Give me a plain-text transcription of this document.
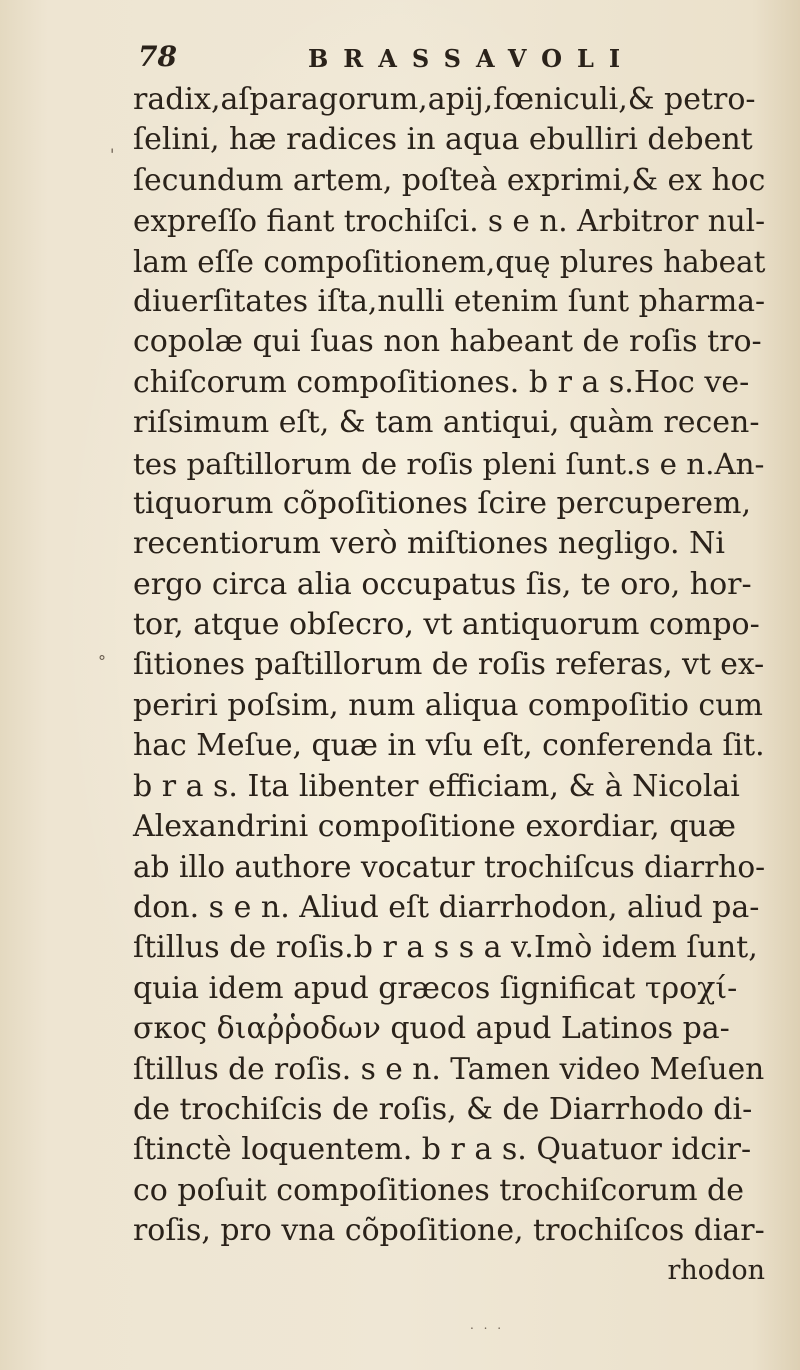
78	BRASSAVOLI
radix,aſparagorum,apij,fœniculi,& petro-
ſelini, hæ radices in aqua ebulliri debent
ſecundum artem, poſteà exprimi,& ex hoc
expreſſo fiant trochiſci. s e n. Arbitror nul-
lam eſſe compoſitionem,quę plures habeat
diuerſitates iſta,nulli etenim ſunt pharma-
copolæ qui ſuas non habeant de roſis tro-
chiſcorum compoſitiones. b r a s.Hoc ve-
riſsimum eſt, & tam antiqui, quàm recen-
tes paſtillorum de roſis pleni ſunt.s e n.An-
tiquorum cõpoſitiones ſcire percuperem,
recentiorum verò miſtiones negligo. Ni
ergo circa alia occupatus ſis, te oro, hor-
tor, atque obſecro, vt antiquorum compo-
ſitiones paſtillorum de roſis referas, vt ex-
periri poſsim, num aliqua compoſitio cum
hac Meſue, quæ in vſu eſt, conferenda ſit.
b r a s. Ita libenter efficiam, & à Nicolai
Alexandrini compoſitione exordiar, quæ
ab illo authore vocatur trochiſcus diarrho-
don. s e n. Aliud eſt diarrhodon, aliud pa-
ſtillus de roſis.b r a s s a v.Imò idem ſunt,
quia idem apud græcos ſignificat τροχί-
σκος διαῤῥοδων quod apud Latinos pa-
ſtillus de roſis. s e n. Tamen video Meſuen
de trochiſcis de roſis, & de Diarrhodo di-
ſtinctè loquentem. b r a s. Quatuor idcir-
co poſuit compoſitiones trochiſcorum de
roſis, pro vna cõpoſitione, trochiſcos diar-
rhodon
'
°
. . .
